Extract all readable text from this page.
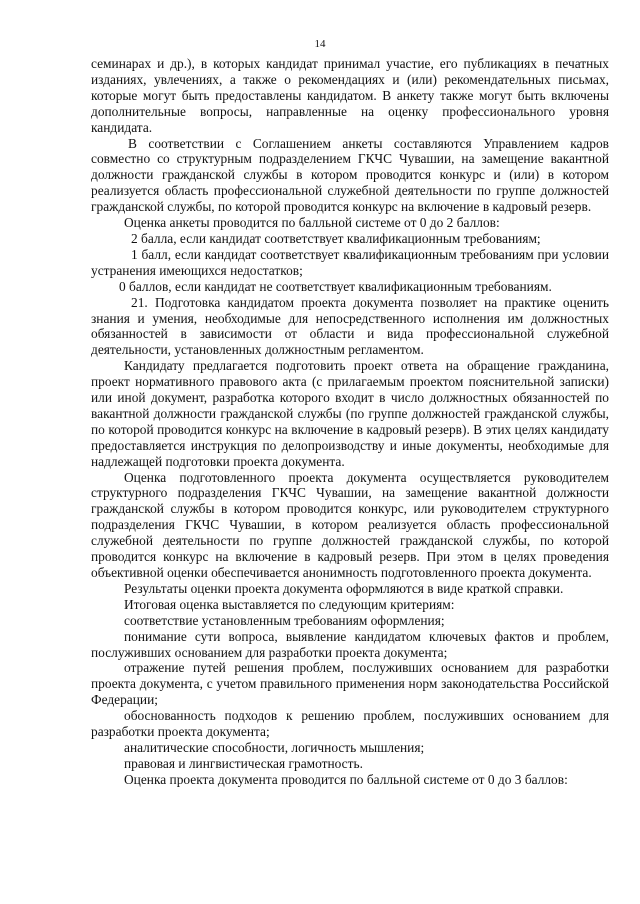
14

семинарах и др.), в которых кандидат принимал участие, его публикациях в печатных изданиях, увлечениях, а также о рекомендациях и (или) рекомендательных письмах, которые могут быть предоставлены кандидатом. В анкету также могут быть включены дополнительные вопросы, направленные на оценку профессионального уровня кандидата.

В соответствии с Соглашением анкеты составляются Управлением кадров совместно со структурным подразделением ГКЧС Чувашии, на замещение вакантной должности гражданской службы в котором проводится конкурс и (или) в котором реализуется область профессиональной служебной деятельности по группе должностей гражданской службы, по которой проводится конкурс на включение в кадровый резерв.

Оценка анкеты проводится по балльной системе от 0 до 2 баллов:

2 балла, если кандидат соответствует квалификационным требованиям;

1 балл, если кандидат соответствует квалификационным требованиям при условии устранения имеющихся недостатков;

0 баллов, если кандидат не соответствует квалификационным требованиям.

21. Подготовка кандидатом проекта документа позволяет на практике оценить знания и умения, необходимые для непосредственного исполнения им должностных обязанностей в зависимости от области и вида профессиональной служебной деятельности, установленных должностным регламентом.

Кандидату предлагается подготовить проект ответа на обращение гражданина, проект нормативного правового акта (с прилагаемым проектом пояснительной записки) или иной документ, разработка которого входит в число должностных обязанностей по вакантной должности гражданской службы (по группе должностей гражданской службы, по которой проводится конкурс на включение в кадровый резерв). В этих целях кандидату предоставляется инструкция по делопроизводству и иные документы, необходимые для надлежащей подготовки проекта документа.

Оценка подготовленного проекта документа осуществляется руководителем структурного подразделения ГКЧС Чувашии, на замещение вакантной должности гражданской службы в котором проводится конкурс, или руководителем структурного подразделения ГКЧС Чувашии, в котором реализуется область профессиональной служебной деятельности по группе должностей гражданской службы, по которой проводится конкурс на включение в кадровый резерв. При этом в целях проведения объективной оценки обеспечивается анонимность подготовленного проекта документа.

Результаты оценки проекта документа оформляются в виде краткой справки.

Итоговая оценка выставляется по следующим критериям:

соответствие установленным требованиям оформления;

понимание сути вопроса, выявление кандидатом ключевых фактов и проблем, послуживших основанием для разработки проекта документа;

отражение путей решения проблем, послуживших основанием для разработки проекта документа, с учетом правильного применения норм законодательства Российской Федерации;

обоснованность подходов к решению проблем, послуживших основанием для разработки проекта документа;

аналитические способности, логичность мышления;

правовая и лингвистическая грамотность.

Оценка проекта документа проводится по балльной системе от 0 до 3 баллов:
